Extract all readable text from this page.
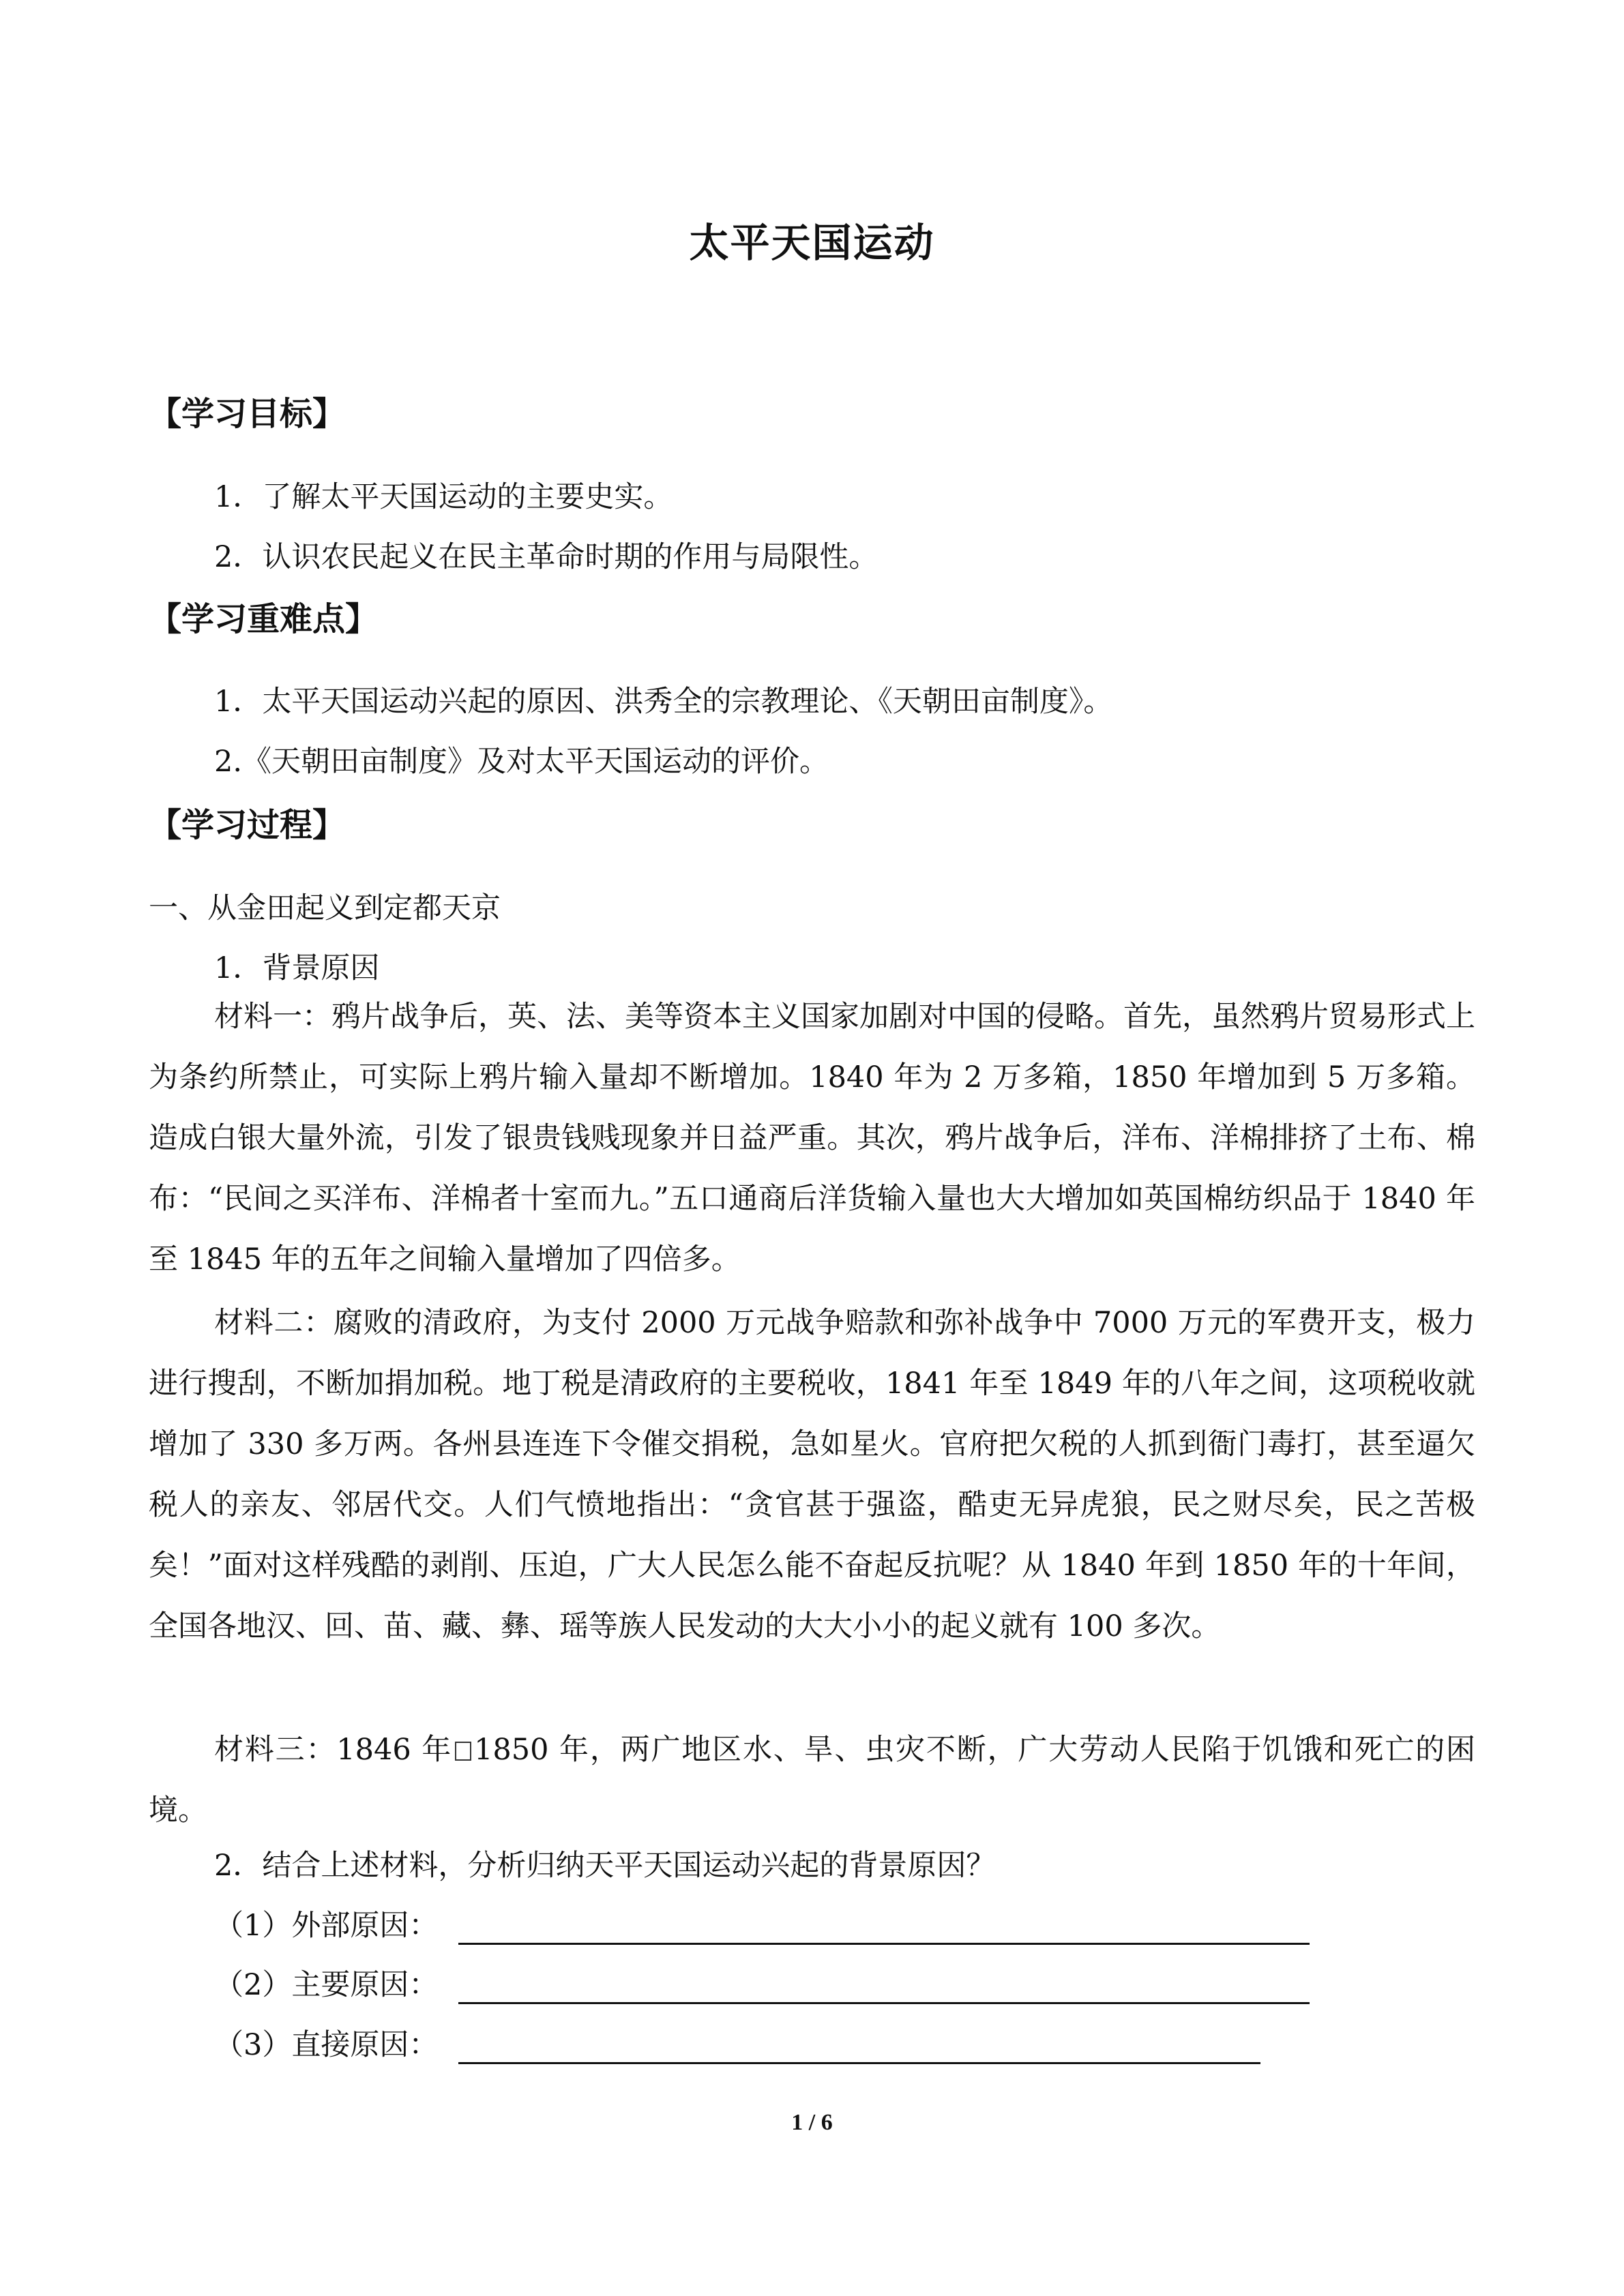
太平天国运动
【学习目标】
1．了解太平天国运动的主要史实。
2．认识农民起义在民主革命时期的作用与局限性。
【学习重难点】
1．太平天国运动兴起的原因、洪秀全的宗教理论、《天朝田亩制度》。
2.《天朝田亩制度》及对太平天国运动的评价。
【学习过程】
一、从金田起义到定都天京
1．背景原因

材料一：鸦片战争后，英、法、美等资本主义国家加剧对中国的侵略。首先，虽然鸦片贸易形式上为条约所禁止，可实际上鸦片输入量却不断增加。1840 年为 2 万多箱，1850 年增加到 5 万多箱。造成白银大量外流，引发了银贵钱贱现象并日益严重。其次，鸦片战争后，洋布、洋棉排挤了土布、棉布：“民间之买洋布、洋棉者十室而九。”五口通商后洋货输入量也大大增加如英国棉纺织品于 1840 年至 1845 年的五年之间输入量增加了四倍多。

材料二：腐败的清政府，为支付 2000 万元战争赔款和弥补战争中 7000 万元的军费开支，极力进行搜刮，不断加捐加税。地丁税是清政府的主要税收，1841 年至 1849 年的八年之间，这项税收就增加了 330 多万两。各州县连连下令催交捐税，急如星火。官府把欠税的人抓到衙门毒打，甚至逼欠税人的亲友、邻居代交。人们气愤地指出：“贪官甚于强盗，酷吏无异虎狼，民之财尽矣，民之苦极矣！”面对这样残酷的剥削、压迫，广大人民怎么能不奋起反抗呢？从 1840 年到 1850 年的十年间，全国各地汉、回、苗、藏、彝、瑶等族人民发动的大大小小的起义就有 100 多次。

材料三：1846 年 1850 年，两广地区水、旱、虫灾不断，广大劳动人民陷于饥饿和死亡的困境。

2．结合上述材料，分析归纳天平天国运动兴起的背景原因？
（1）外部原因：
（2）主要原因：
（3）直接原因：
1 / 6
